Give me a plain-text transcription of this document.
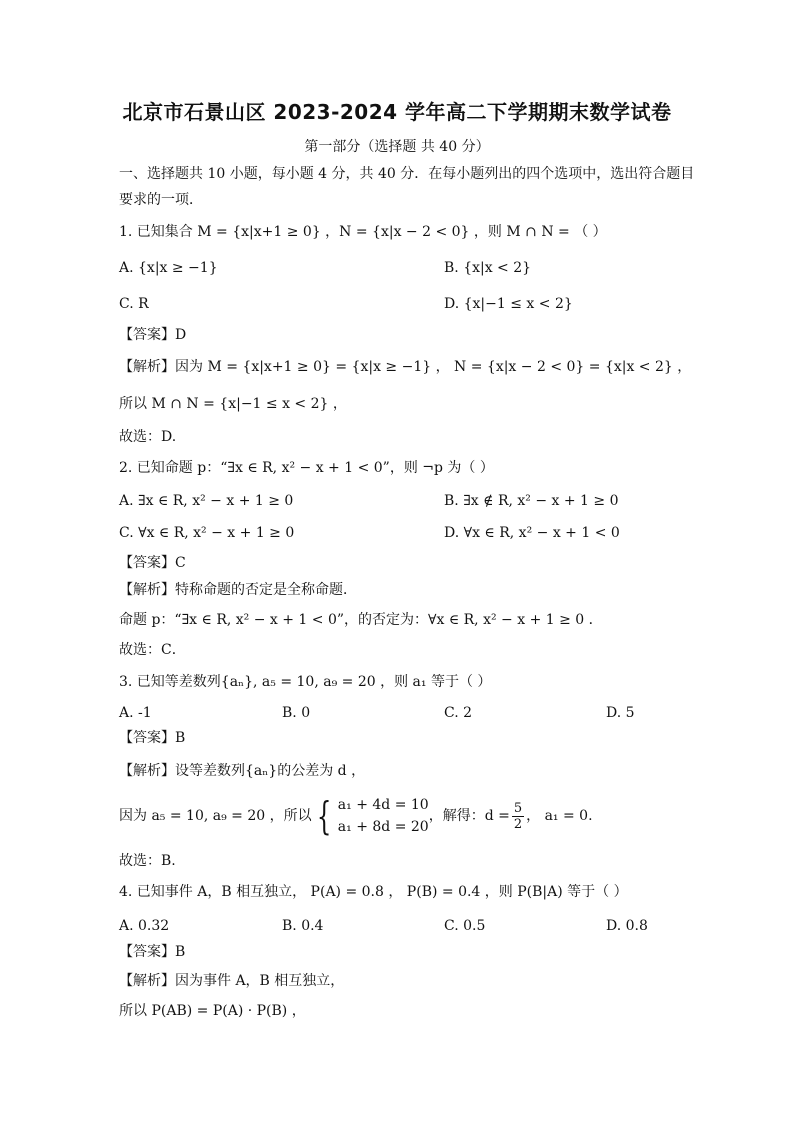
北京市石景山区 2023-2024 学年高二下学期期末数学试卷
第一部分（选择题 共 40 分）
一、选择题共 10 小题，每小题 4 分，共 40 分．在每小题列出的四个选项中，选出符合题目
要求的一项．
1. 已知集合 M = {x|x+1 ≥ 0} ，N = {x|x − 2 < 0} ，则 M ∩ N = （ ）
A. {x|x ≥ −1}	B. {x|x < 2}
C. R	D. {x|−1 ≤ x < 2}
【答案】D
【解析】因为 M = {x|x+1 ≥ 0} = {x|x ≥ −1} ， N = {x|x − 2 < 0} = {x|x < 2} ，
所以 M ∩ N = {x|−1 ≤ x < 2} ，
故选：D.
2. 已知命题 p：“∃x ∈ R, x² − x + 1 < 0”，则 ¬p 为（ ）
A. ∃x ∈ R, x² − x + 1 ≥ 0	B. ∃x ∉ R, x² − x + 1 ≥ 0
C. ∀x ∈ R, x² − x + 1 ≥ 0	D. ∀x ∈ R, x² − x + 1 < 0
【答案】C
【解析】特称命题的否定是全称命题．
命题 p：“∃x ∈ R, x² − x + 1 < 0”，的否定为：∀x ∈ R, x² − x + 1 ≥ 0 ．
故选：C．
3. 已知等差数列{aₙ}, a₅ = 10, a₉ = 20 ，则 a₁ 等于（ ）
A. -1	B. 0	C. 2	D. 5
【答案】B
【解析】设等差数列{aₙ}的公差为 d ，
因为 a₅ = 10, a₉ = 20 ，所以 { a₁ + 4d = 10
a₁ + 8d = 20
，解得：$d = \frac{5}{2}$ ， a₁ = 0.
故选：B.
4. 已知事件 A，B 相互独立， P(A) = 0.8 ， P(B) = 0.4 ，则 P(B|A) 等于（ ）
A. 0.32	B. 0.4	C. 0.5	D. 0.8
【答案】B
【解析】因为事件 A，B 相互独立，
所以 P(AB) = P(A) · P(B) ，
